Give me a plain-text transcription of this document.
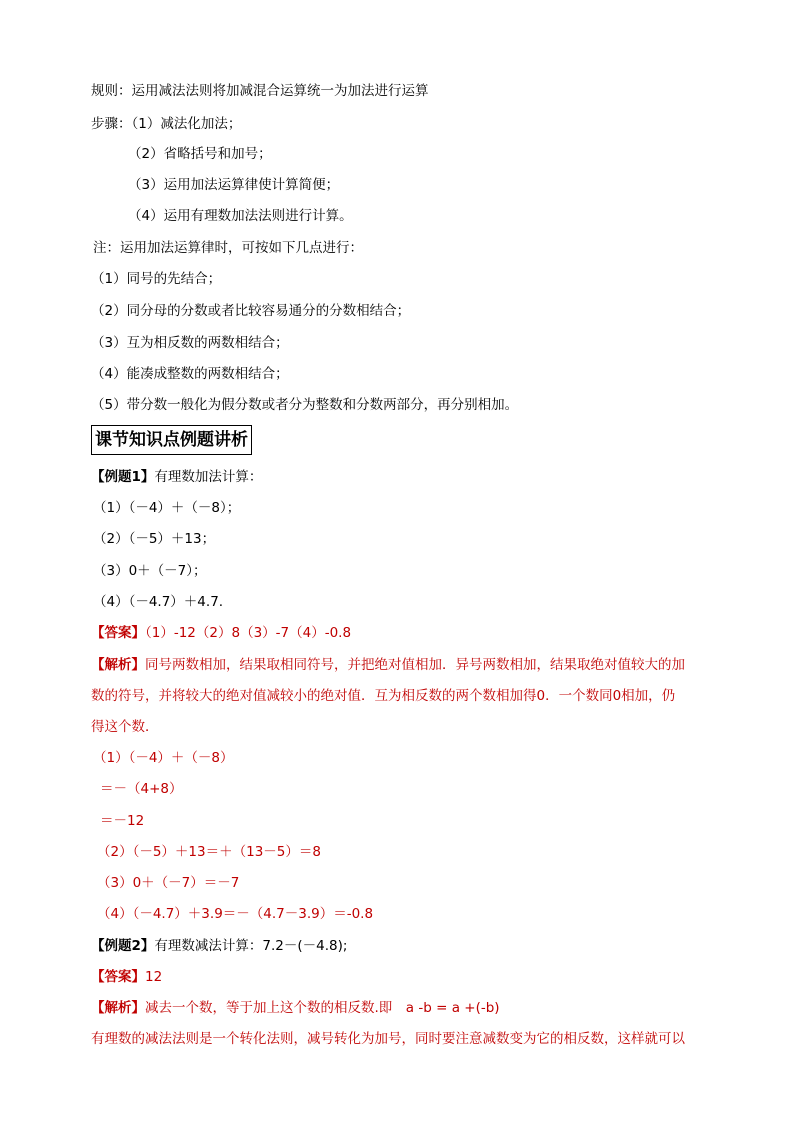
规则：运用减法法则将加减混合运算统一为加法进行运算
步骤：（1）减法化加法；
（2）省略括号和加号；
（3）运用加法运算律使计算简便；
（4）运用有理数加法法则进行计算。
注：运用加法运算律时，可按如下几点进行：
（1）同号的先结合；
（2）同分母的分数或者比较容易通分的分数相结合；
（3）互为相反数的两数相结合；
（4）能凑成整数的两数相结合；
（5）带分数一般化为假分数或者分为整数和分数两部分，再分别相加。
课节知识点例题讲析
【例题1】有理数加法计算：
（1）（－4）＋（－8）；
（2）（－5）＋13；
（3）0＋（－7）；
（4）（－4.7）＋4.7.
【答案】（1）-12（2）8（3）-7（4）-0.8
【解析】同号两数相加，结果取相同符号，并把绝对值相加．异号两数相加，结果取绝对值较大的加
数的符号，并将较大的绝对值减较小的绝对值．互为相反数的两个数相加得0．一个数同0相加，仍
得这个数．
（1）（－4）＋（－8）
＝－（4+8）
＝－12
（2）（－5）＋13＝＋（13－5）＝8
（3）0＋（－7）＝－7
（4）（－4.7）＋3.9＝－（4.7－3.9）＝-0.8
【例题2】有理数减法计算：7.2－(－4.8);
【答案】12
【解析】减去一个数，等于加上这个数的相反数.即　a -b = a +(-b)
有理数的减法法则是一个转化法则，减号转化为加号，同时要注意减数变为它的相反数，这样就可以
